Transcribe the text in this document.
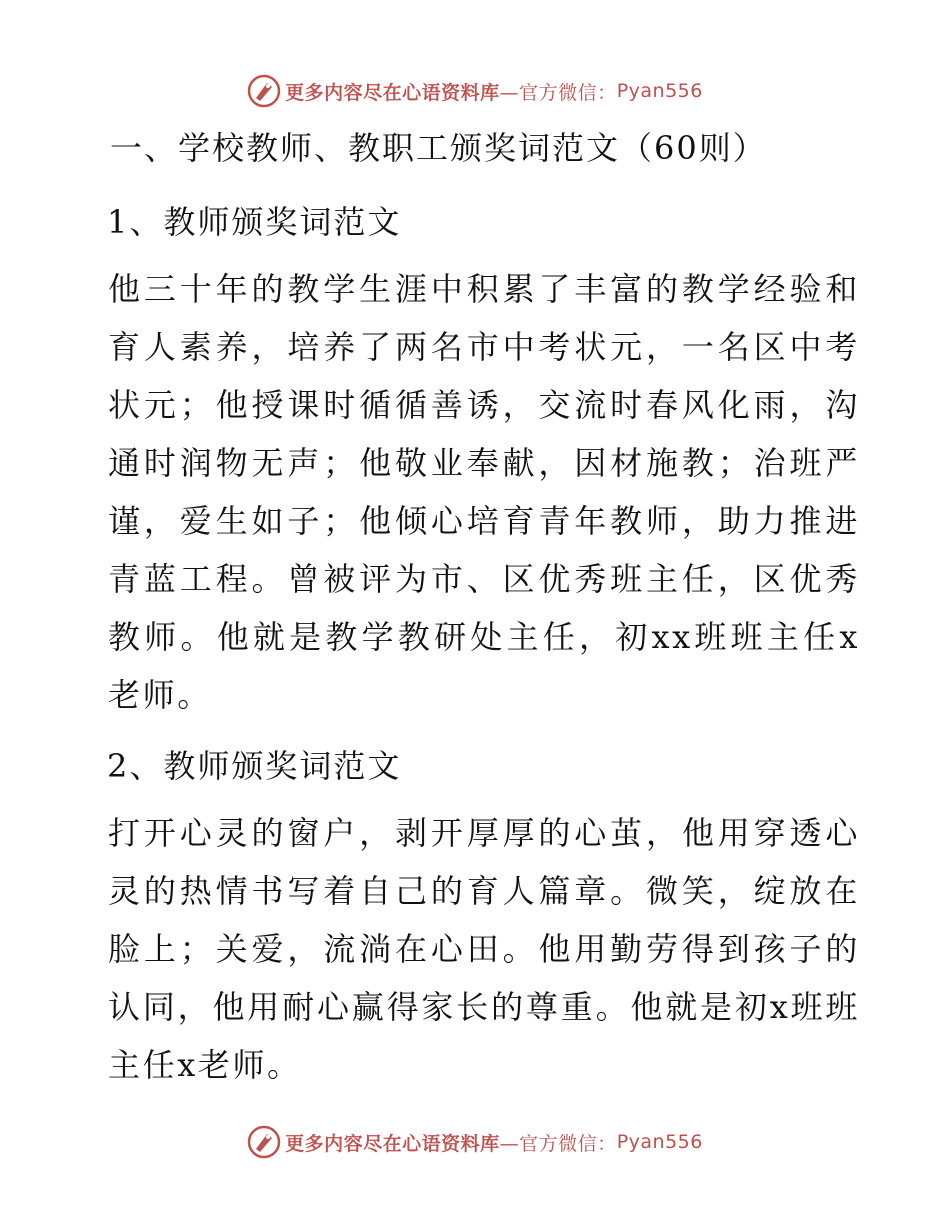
更多内容尽在心语资料库 —官方微信： Pyan556
一、学校教师、教职工颁奖词范文（60则）
1、教师颁奖词范文

他三十年的教学生涯中积累了丰富的教学经验和育人素养，培养了两名市中考状元，一名区中考状元；他授课时循循善诱，交流时春风化雨，沟通时润物无声；他敬业奉献，因材施教；治班严谨，爱生如子；他倾心培育青年教师，助力推进青蓝工程。曾被评为市、区优秀班主任，区优秀教师。他就是教学教研处主任，初xx班班主任x老师。

2、教师颁奖词范文

打开心灵的窗户，剥开厚厚的心茧，他用穿透心灵的热情书写着自己的育人篇章。微笑，绽放在脸上；关爱，流淌在心田。他用勤劳得到孩子的认同，他用耐心赢得家长的尊重。他就是初x班班主任x老师。

更多内容尽在心语资料库 —官方微信： Pyan556
